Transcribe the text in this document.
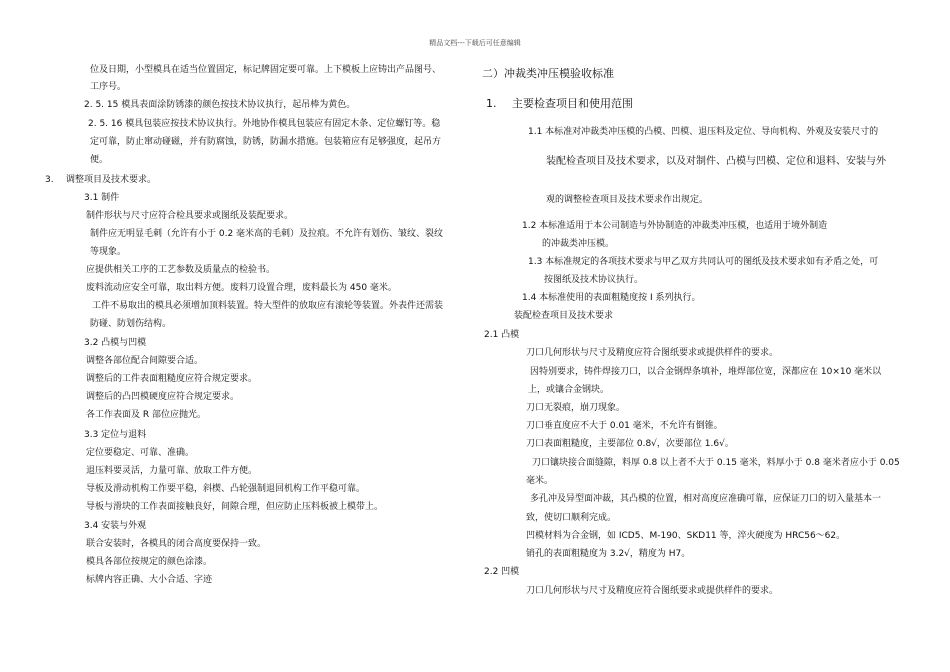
精品文档---下载后可任意编辑
位及日期，小型模具在适当位置固定，标记牌固定要可靠。上下模板上应铸出产品图号、
工序号。
2. 5. 15 模具表面涂防锈漆的颜色按技术协议执行，起吊棒为黄色。
2. 5. 16 模具包装应按技术协议执行。外地协作模具包装应有固定木条、定位螺钉等。稳
定可靠，防止窜动碰磁，并有防腐蚀，防锈，防漏水措施。包装箱应有足够强度，起吊方
便。
3. 调整项目及技术要求。
3.1 制件
制件形状与尺寸应符合检具要求或图纸及装配要求。
制件应无明显毛刺（允许有小于 0.2 毫米高的毛刺）及拉痕。不允许有划伤、皱纹、裂纹
等现象。
应提供相关工序的工艺参数及质量点的检验书。
废料流动应安全可靠，取出料方便。废料刀设置合理，废料最长为 450 毫米。
工件不易取出的模具必须增加顶料装置。特大型件的放取应有滚轮等装置。外表件还需装
防碰、防划伤结构。
3.2 凸模与凹模
调整各部位配合间隙要合适。
调整后的工件表面粗糙度应符合规定要求。
调整后的凸凹模硬度应符合规定要求。
各工作表面及 R 部位应抛光。
3.3 定位与退料
定位要稳定、可靠、准确。
退压料要灵活，力量可靠、放取工件方便。
导板及滑动机构工作要平稳，斜楔、凸轮强制退回机构工作平稳可靠。
导板与滑块的工作表面接触良好，间隙合理，但应防止压料板被上模带上。
3.4 安装与外观
联合安装时，各模具的闭合高度要保持一致。
模具各部位按规定的颜色涂漆。
标牌内容正确、大小合适、字迹
二）冲裁类冲压模验收标准
1. 主要检查项目和使用范围
1.1 本标准对冲裁类冲压模的凸模、凹模、退压料及定位、导向机构、外观及安装尺寸的
装配检查项目及技术要求，以及对制件、凸模与凹模、定位和退料、安装与外
观的调整检查项目及技术要求作出规定。
1.2 本标准适用于本公司制造与外协制造的冲裁类冲压模，也适用于境外制造
的冲裁类冲压模。
1.3 本标准规定的各项技术要求与甲乙双方共同认可的图纸及技术要求如有矛盾之处，可
按图纸及技术协议执行。
1.4 本标准使用的表面粗糙度按 I 系列执行。
装配检查项目及技术要求
2.1 凸模
刀口几何形状与尺寸及精度应符合图纸要求或提供样件的要求。
因特别要求，铸件焊接刀口，以合金钢焊条填补，堆焊部位宽，深都应在 10×10 毫米以
上，或镶合金钢块。
刀口无裂痕，崩刀现象。
刀口垂直度应不大于 0.01 毫米，不允许有倒锥。
刀口表面粗糙度，主要部位 0.8√，次要部位 1.6√。
刀口镶块接合面缝隙，料厚 0.8 以上者不大于 0.15 毫米，料厚小于 0.8 毫米者应小于 0.05
毫米。
多孔冲及异型面冲裁，其凸模的位置，相对高度应准确可靠，应保证刀口的切入量基本一
致，使切口顺利完成。
凹模材料为合金钢，如 ICD5、M-190、SKD11 等，淬火硬度为 HRC56～62。
销孔的表面粗糙度为 3.2√，精度为 H7。
2.2 凹模
刀口几何形状与尺寸及精度应符合图纸要求或提供样件的要求。
